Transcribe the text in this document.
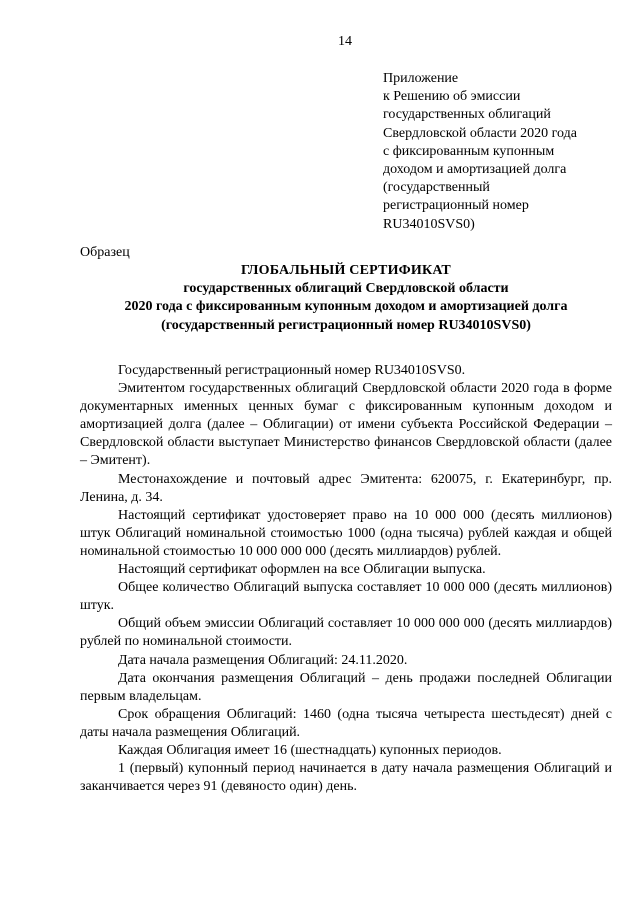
14
Приложение
к Решению об эмиссии
государственных облигаций
Свердловской области 2020 года
с фиксированным купонным
доходом и амортизацией долга
(государственный
регистрационный номер
RU34010SVS0)
Образец
ГЛОБАЛЬНЫЙ СЕРТИФИКАТ
государственных облигаций Свердловской области
2020 года с фиксированным купонным доходом и амортизацией долга
(государственный регистрационный номер RU34010SVS0)

Государственный регистрационный номер RU34010SVS0.

Эмитентом государственных облигаций Свердловской области 2020 года в форме документарных именных ценных бумаг с фиксированным купонным доходом и амортизацией долга (далее – Облигации) от имени субъекта Российской Федерации – Свердловской области выступает Министерство финансов Свердловской области (далее – Эмитент).

Местонахождение и почтовый адрес Эмитента: 620075, г. Екатеринбург, пр. Ленина, д. 34.

Настоящий сертификат удостоверяет право на 10 000 000 (десять миллионов) штук Облигаций номинальной стоимостью 1000 (одна тысяча) рублей каждая и общей номинальной стоимостью 10 000 000 000 (десять миллиардов) рублей.

Настоящий сертификат оформлен на все Облигации выпуска.

Общее количество Облигаций выпуска составляет 10 000 000 (десять миллионов) штук.

Общий объем эмиссии Облигаций составляет 10 000 000 000 (десять миллиардов) рублей по номинальной стоимости.

Дата начала размещения Облигаций: 24.11.2020.

Дата окончания размещения Облигаций – день продажи последней Облигации первым владельцам.

Срок обращения Облигаций: 1460 (одна тысяча четыреста шестьдесят) дней с даты начала размещения Облигаций.

Каждая Облигация имеет 16 (шестнадцать) купонных периодов.

1 (первый) купонный период начинается в дату начала размещения Облигаций и заканчивается через 91 (девяносто один) день.
